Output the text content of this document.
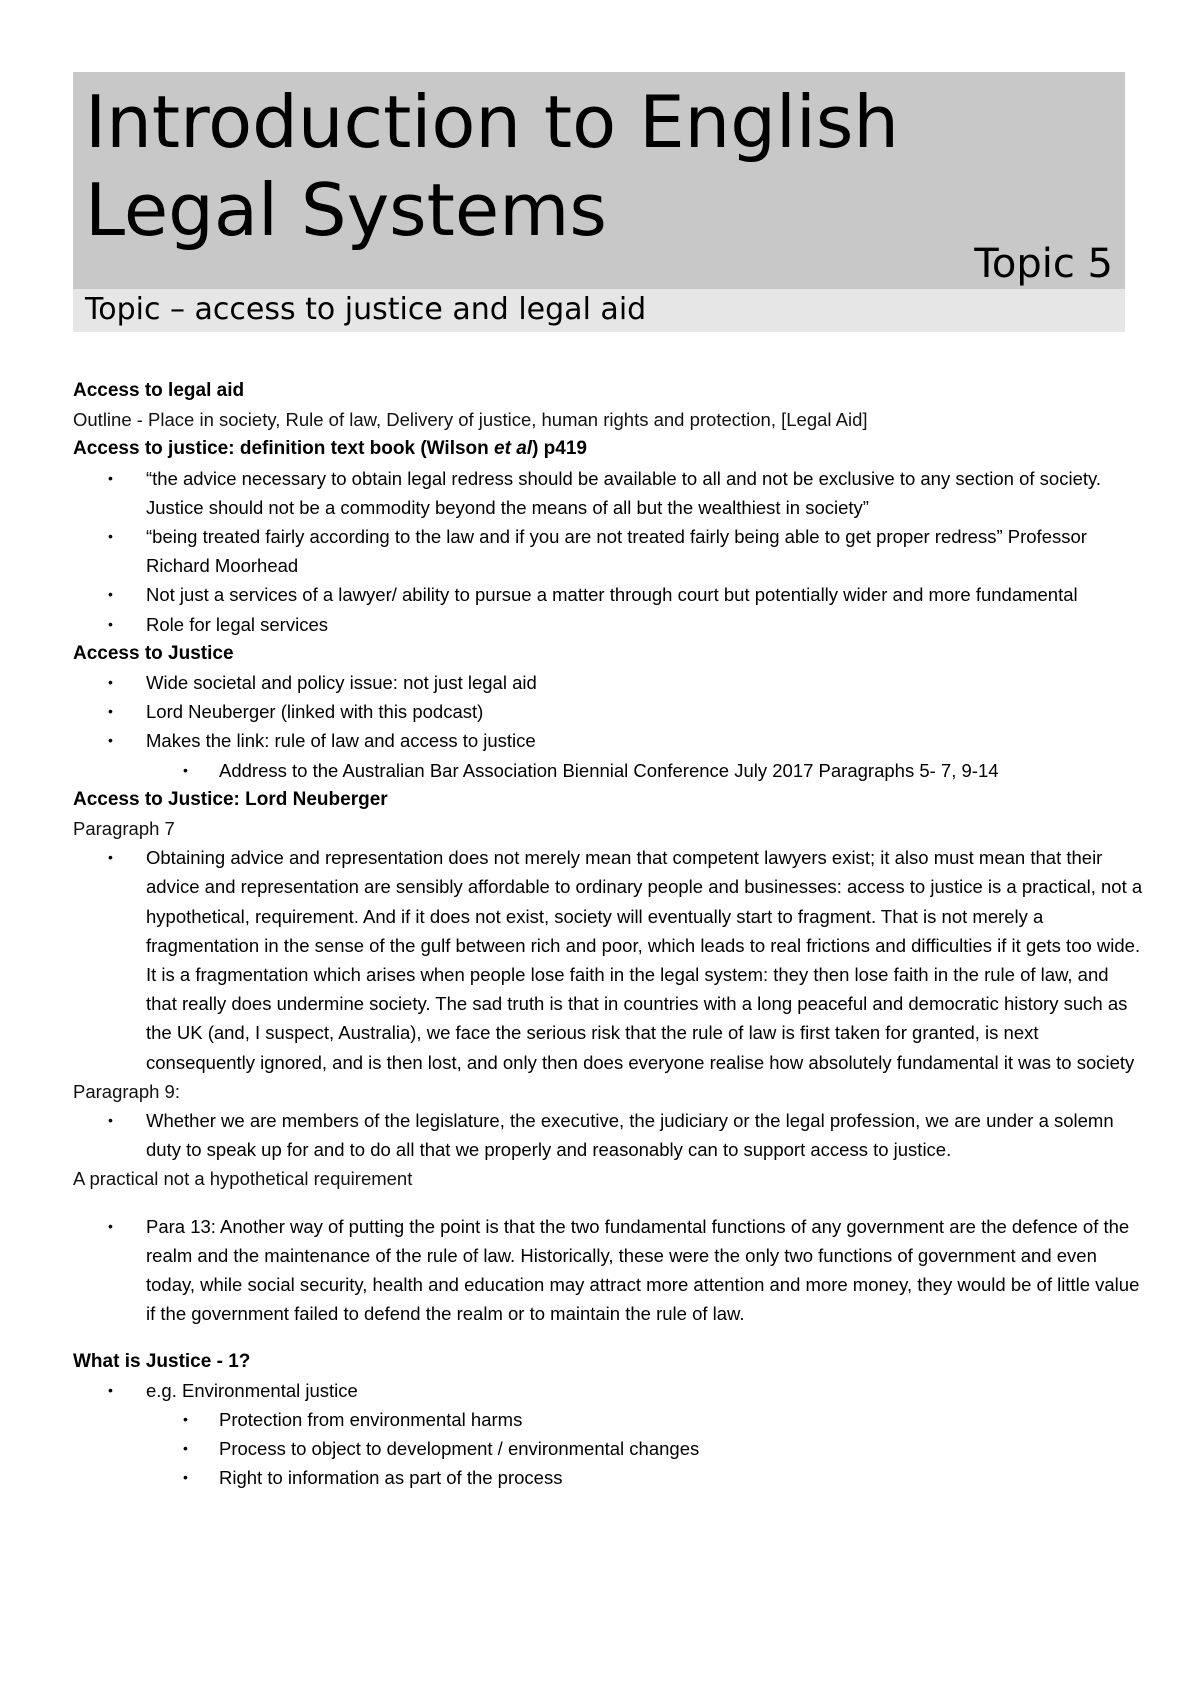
Introduction to English
Legal Systems
Topic 5
Topic – access to justice and legal aid

Access to legal aid

Outline - Place in society, Rule of law, Delivery of justice, human rights and protection, [Legal Aid]

Access to justice: definition text book (Wilson et al) p419

• “the advice necessary to obtain legal redress should be available to all and not be exclusive to any section of society. Justice should not be a commodity beyond the means of all but the wealthiest in society”
• “being treated fairly according to the law and if you are not treated fairly being able to get proper redress” Professor Richard Moorhead
• Not just a services of a lawyer/ ability to pursue a matter through court but potentially wider and more fundamental
• Role for legal services

Access to Justice

• Wide societal and policy issue: not just legal aid
• Lord Neuberger (linked with this podcast)
• Makes the link: rule of law and access to justice
• Address to the Australian Bar Association Biennial Conference July 2017 Paragraphs 5- 7, 9-14

Access to Justice: Lord Neuberger

Paragraph 7

• Obtaining advice and representation does not merely mean that competent lawyers exist; it also must mean that their advice and representation are sensibly affordable to ordinary people and businesses: access to justice is a practical, not a hypothetical, requirement. And if it does not exist, society will eventually start to fragment. That is not merely a fragmentation in the sense of the gulf between rich and poor, which leads to real frictions and difficulties if it gets too wide. It is a fragmentation which arises when people lose faith in the legal system: they then lose faith in the rule of law, and that really does undermine society. The sad truth is that in countries with a long peaceful and democratic history such as the UK (and, I suspect, Australia), we face the serious risk that the rule of law is first taken for granted, is next consequently ignored, and is then lost, and only then does everyone realise how absolutely fundamental it was to society

Paragraph 9:

• Whether we are members of the legislature, the executive, the judiciary or the legal profession, we are under a solemn duty to speak up for and to do all that we properly and reasonably can to support access to justice.

A practical not a hypothetical requirement

• Para 13: Another way of putting the point is that the two fundamental functions of any government are the defence of the realm and the maintenance of the rule of law. Historically, these were the only two functions of government and even today, while social security, health and education may attract more attention and more money, they would be of little value if the government failed to defend the realm or to maintain the rule of law.

What is Justice - 1?

• e.g. Environmental justice
• Protection from environmental harms
• Process to object to development / environmental changes
• Right to information as part of the process
